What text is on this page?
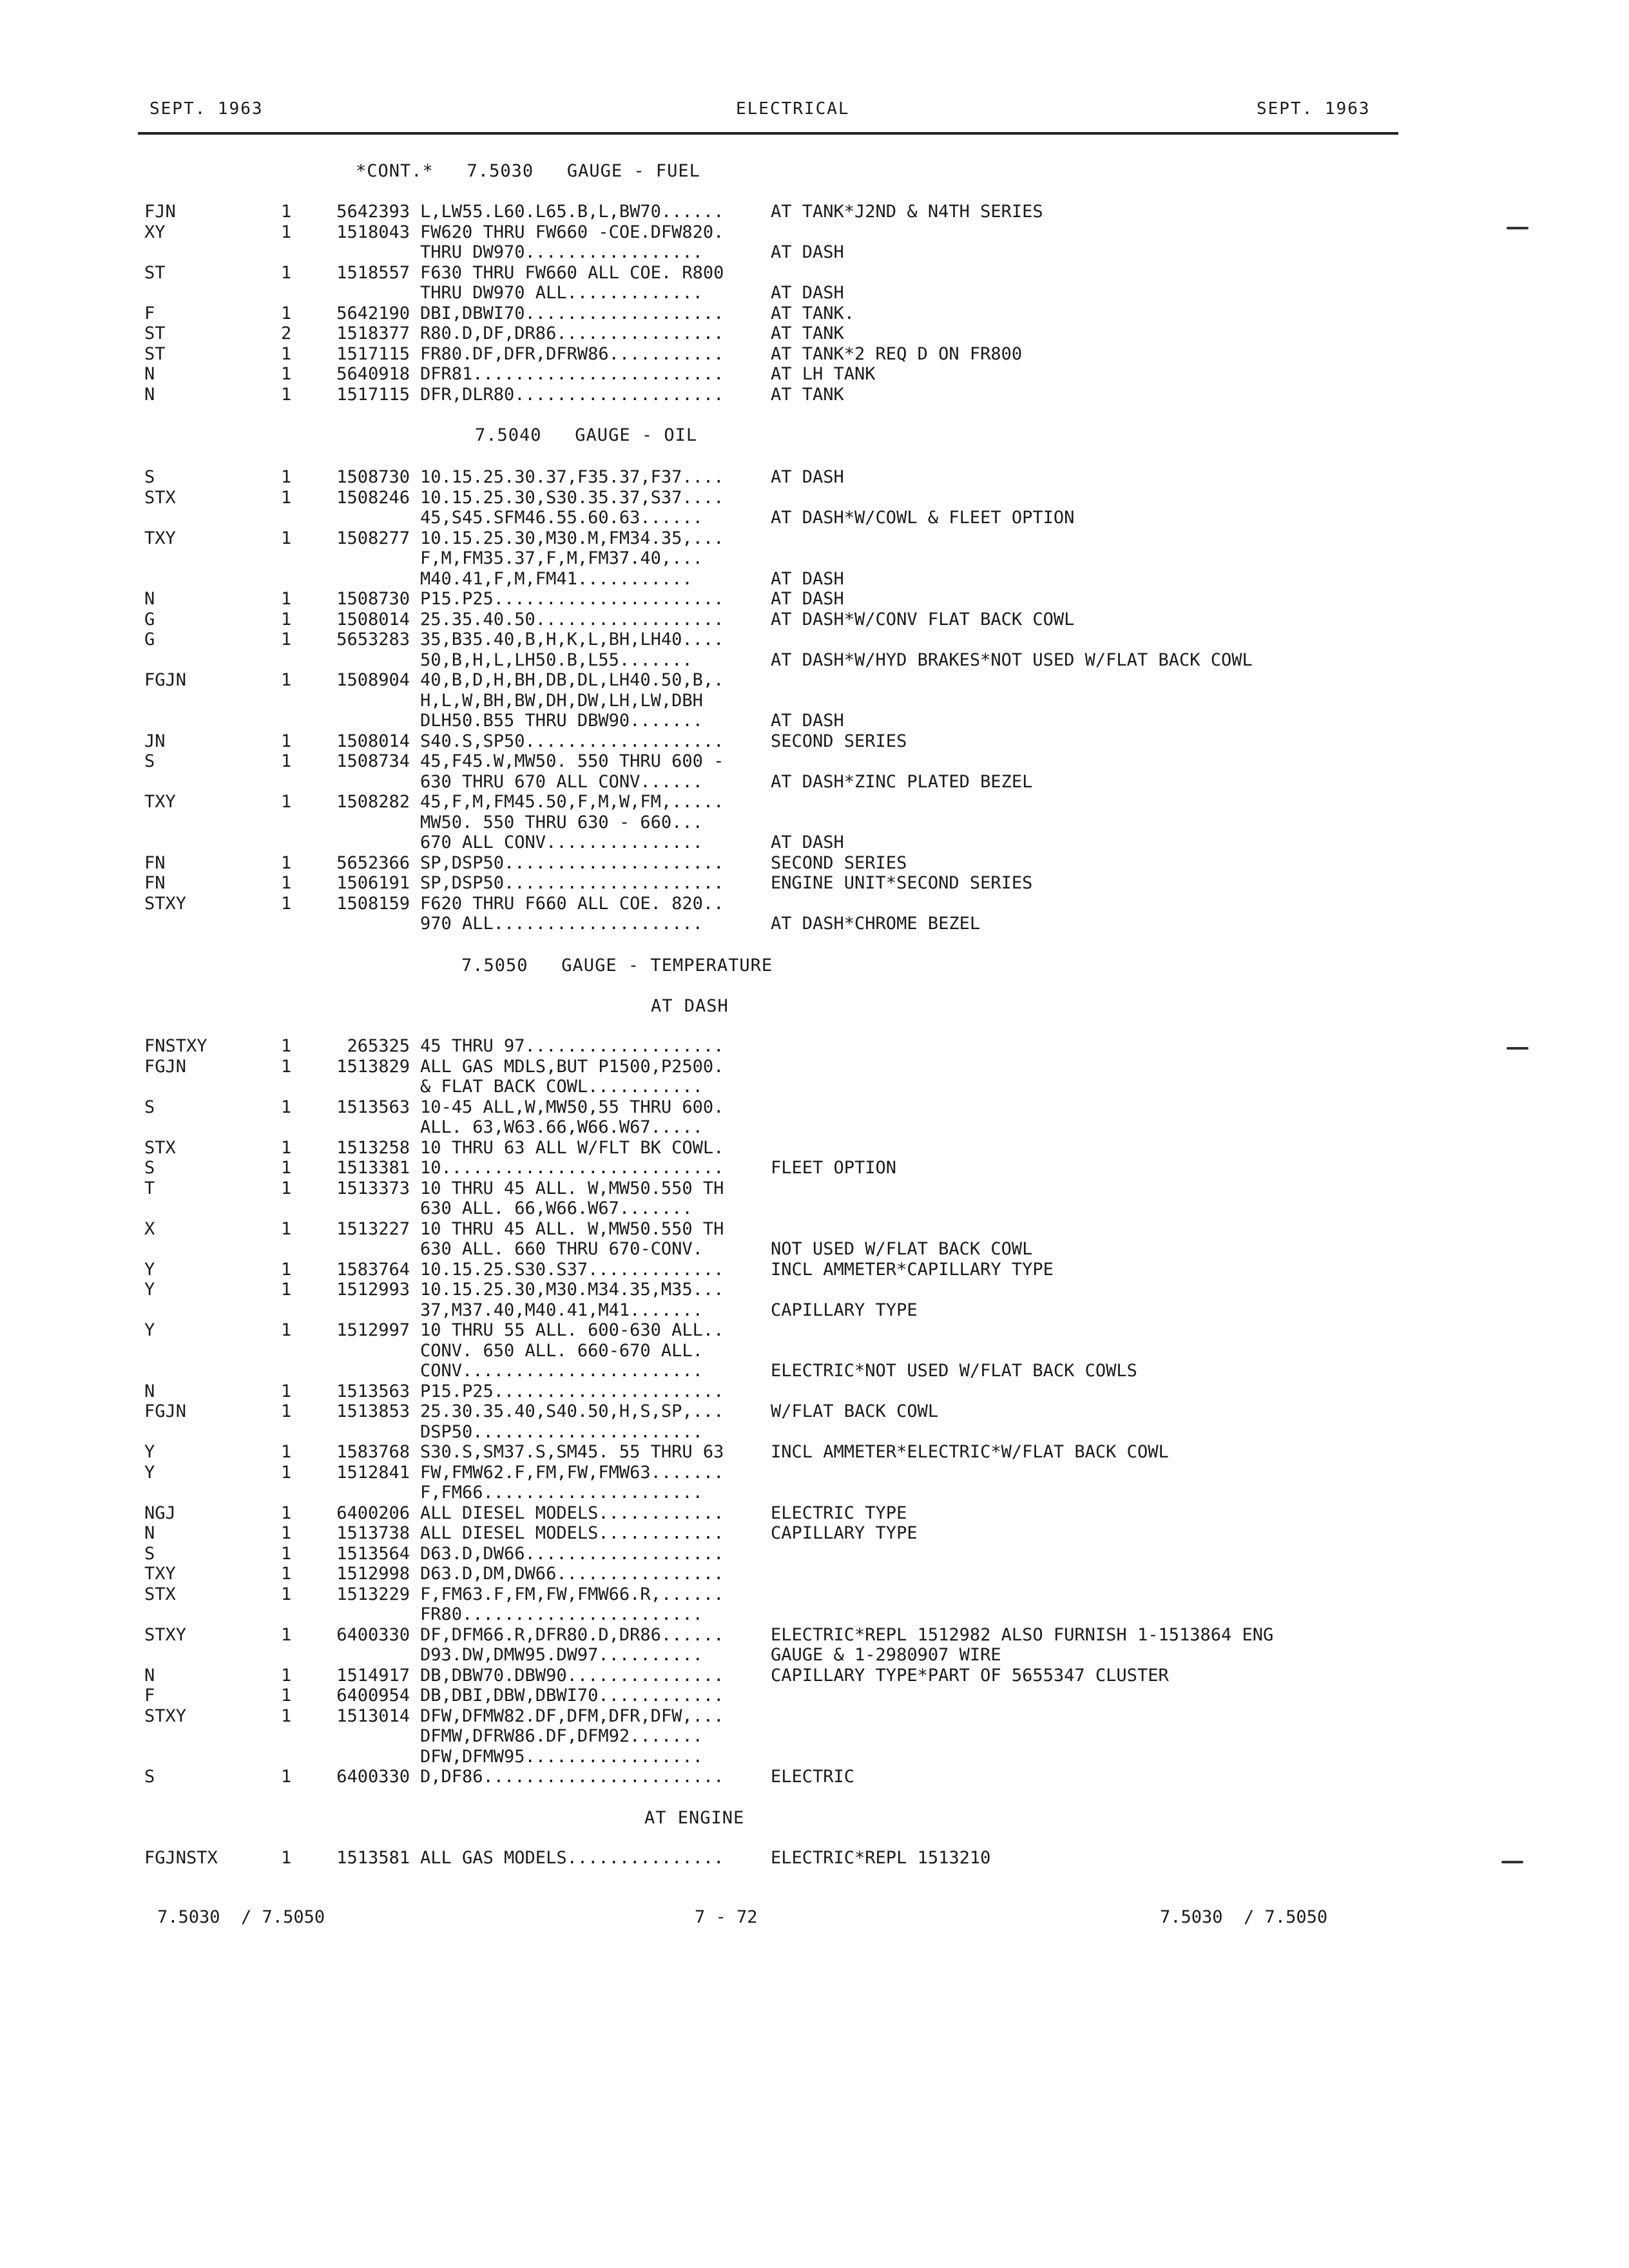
SEPT. 1963	ELECTRICAL	SEPT. 1963
*CONT.*   7.5030   GAUGE - FUEL
FJN	1	5642393 L,LW55.L60.L65.B,L,BW70......	AT TANK*J2ND & N4TH SERIES
XY	1	1518043 FW620 THRU FW660 -COE.DFW820.
THRU DW970.................	AT DASH
ST	1	1518557 F630 THRU FW660 ALL COE. R800
THRU DW970 ALL.............	AT DASH
F	1	5642190 DBI,DBWI70...................	AT TANK.
ST	2	1518377 R80.D,DF,DR86................	AT TANK
ST	1	1517115 FR80.DF,DFR,DFRW86...........	AT TANK*2 REQ D ON FR800
N	1	5640918 DFR81........................	AT LH TANK
N	1	1517115 DFR,DLR80....................	AT TANK
7.5040   GAUGE - OIL
S	1	1508730 10.15.25.30.37,F35.37,F37....	AT DASH
STX	1	1508246 10.15.25.30,S30.35.37,S37....
45,S45.SFM46.55.60.63......	AT DASH*W/COWL & FLEET OPTION
TXY	1	1508277 10.15.25.30,M30.M,FM34.35,...
F,M,FM35.37,F,M,FM37.40,...
M40.41,F,M,FM41...........	AT DASH
N	1	1508730 P15.P25......................	AT DASH
G	1	1508014 25.35.40.50..................	AT DASH*W/CONV FLAT BACK COWL
G	1	5653283 35,B35.40,B,H,K,L,BH,LH40....
50,B,H,L,LH50.B,L55.......	AT DASH*W/HYD BRAKES*NOT USED W/FLAT BACK COWL
FGJN	1	1508904 40,B,D,H,BH,DB,DL,LH40.50,B,.
H,L,W,BH,BW,DH,DW,LH,LW,DBH
DLH50.B55 THRU DBW90.......	AT DASH
JN	1	1508014 S40.S,SP50...................	SECOND SERIES
S	1	1508734 45,F45.W,MW50. 550 THRU 600 -
630 THRU 670 ALL CONV......	AT DASH*ZINC PLATED BEZEL
TXY	1	1508282 45,F,M,FM45.50,F,M,W,FM,.....
MW50. 550 THRU 630 - 660...
670 ALL CONV...............	AT DASH
FN	1	5652366 SP,DSP50.....................	SECOND SERIES
FN	1	1506191 SP,DSP50.....................	ENGINE UNIT*SECOND SERIES
STXY	1	1508159 F620 THRU F660 ALL COE. 820..
970 ALL....................	AT DASH*CHROME BEZEL
7.5050   GAUGE - TEMPERATURE
AT DASH
FNSTXY	1	265325 45 THRU 97...................
FGJN	1	1513829 ALL GAS MDLS,BUT P1500,P2500.
& FLAT BACK COWL...........
S	1	1513563 10-45 ALL,W,MW50,55 THRU 600.
ALL. 63,W63.66,W66.W67.....
STX	1	1513258 10 THRU 63 ALL W/FLT BK COWL.
S	1	1513381 10...........................	FLEET OPTION
T	1	1513373 10 THRU 45 ALL. W,MW50.550 TH
630 ALL. 66,W66.W67.......
X	1	1513227 10 THRU 45 ALL. W,MW50.550 TH
630 ALL. 660 THRU 670-CONV.	NOT USED W/FLAT BACK COWL
Y	1	1583764 10.15.25.S30.S37.............	INCL AMMETER*CAPILLARY TYPE
Y	1	1512993 10.15.25.30,M30.M34.35,M35...
37,M37.40,M40.41,M41.......	CAPILLARY TYPE
Y	1	1512997 10 THRU 55 ALL. 600-630 ALL..
CONV. 650 ALL. 660-670 ALL.
CONV.......................	ELECTRIC*NOT USED W/FLAT BACK COWLS
N	1	1513563 P15.P25......................
FGJN	1	1513853 25.30.35.40,S40.50,H,S,SP,...	W/FLAT BACK COWL
DSP50......................
Y	1	1583768 S30.S,SM37.S,SM45. 55 THRU 63	INCL AMMETER*ELECTRIC*W/FLAT BACK COWL
Y	1	1512841 FW,FMW62.F,FM,FW,FMW63.......
F,FM66.....................
NGJ	1	6400206 ALL DIESEL MODELS............	ELECTRIC TYPE
N	1	1513738 ALL DIESEL MODELS............	CAPILLARY TYPE
S	1	1513564 D63.D,DW66...................
TXY	1	1512998 D63.D,DM,DW66................
STX	1	1513229 F,FM63.F,FM,FW,FMW66.R,......
FR80.......................
STXY	1	6400330 DF,DFM66.R,DFR80.D,DR86......	ELECTRIC*REPL 1512982 ALSO FURNISH 1-1513864 ENG
D93.DW,DMW95.DW97..........	GAUGE & 1-2980907 WIRE
N	1	1514917 DB,DBW70.DBW90...............	CAPILLARY TYPE*PART OF 5655347 CLUSTER
F	1	6400954 DB,DBI,DBW,DBWI70............
STXY	1	1513014 DFW,DFMW82.DF,DFM,DFR,DFW,...
DFMW,DFRW86.DF,DFM92.......
DFW,DFMW95.................
S	1	6400330 D,DF86.......................	ELECTRIC
AT ENGINE
FGJNSTX	1	1513581 ALL GAS MODELS...............	ELECTRIC*REPL 1513210
7.5030  / 7.5050	7 - 72	7.5030  / 7.5050
